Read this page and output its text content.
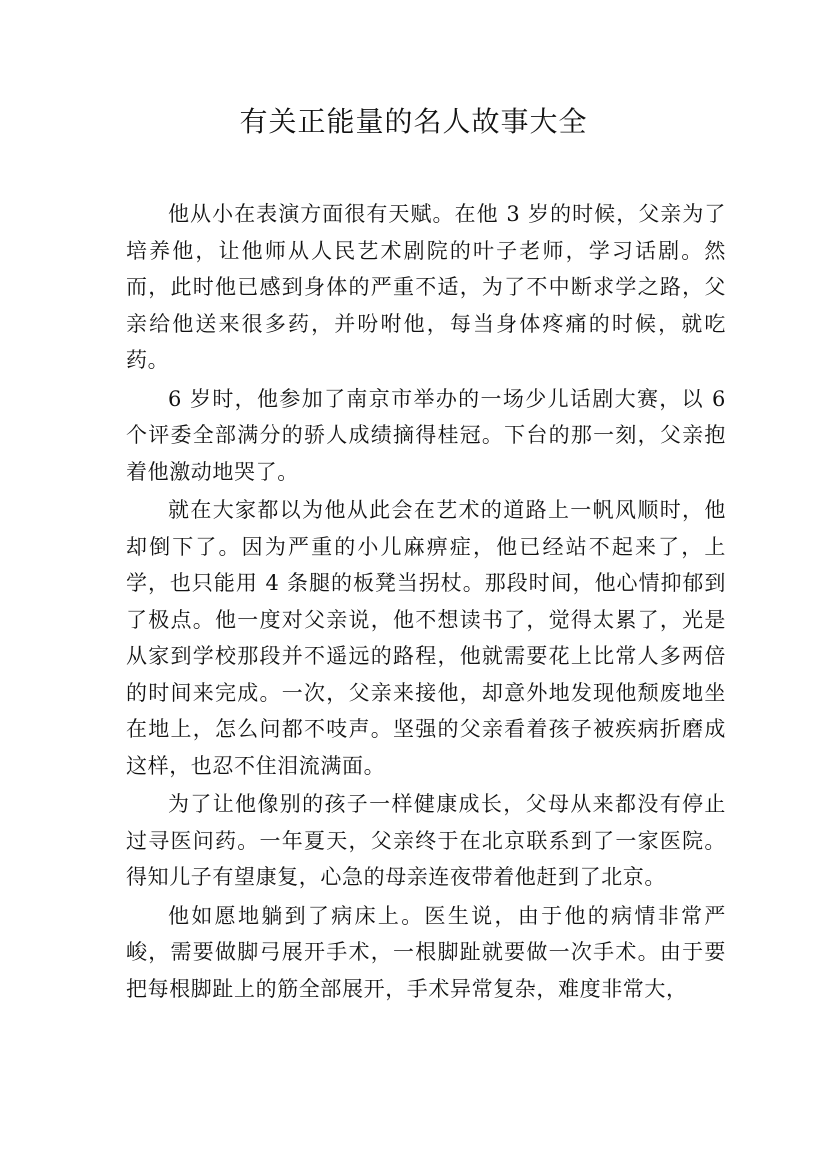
有关正能量的名人故事大全

他从小在表演方面很有天赋。在他 3 岁的时候，父亲为了培养他，让他师从人民艺术剧院的叶子老师，学习话剧。然而，此时他已感到身体的严重不适，为了不中断求学之路，父亲给他送来很多药，并吩咐他，每当身体疼痛的时候，就吃药。

6 岁时，他参加了南京市举办的一场少儿话剧大赛，以 6 个评委全部满分的骄人成绩摘得桂冠。下台的那一刻，父亲抱着他激动地哭了。

就在大家都以为他从此会在艺术的道路上一帆风顺时，他却倒下了。因为严重的小儿麻痹症，他已经站不起来了，上学，也只能用 4 条腿的板凳当拐杖。那段时间，他心情抑郁到了极点。他一度对父亲说，他不想读书了，觉得太累了，光是从家到学校那段并不遥远的路程，他就需要花上比常人多两倍的时间来完成。一次，父亲来接他，却意外地发现他颓废地坐在地上，怎么问都不吱声。坚强的父亲看着孩子被疾病折磨成这样，也忍不住泪流满面。

为了让他像别的孩子一样健康成长，父母从来都没有停止过寻医问药。一年夏天，父亲终于在北京联系到了一家医院。得知儿子有望康复，心急的母亲连夜带着他赶到了北京。

他如愿地躺到了病床上。医生说，由于他的病情非常严峻，需要做脚弓展开手术，一根脚趾就要做一次手术。由于要把每根脚趾上的筋全部展开，手术异常复杂，难度非常大，
